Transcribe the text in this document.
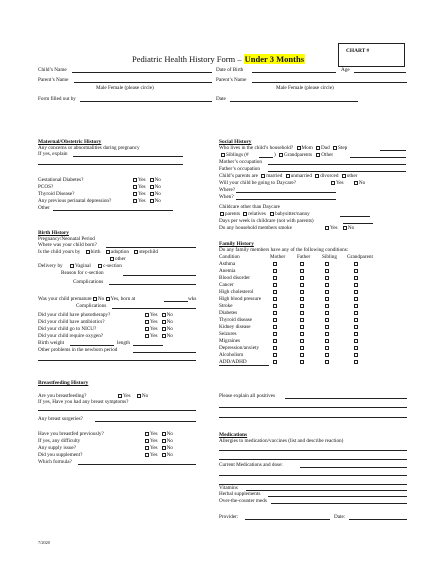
Pediatric Health History Form – Under 3 Months
CHART #
Child’s Name	Date of Birth	Age
Parent’s Name	Parent’s Name
Male Female (please circle)	Male Female (please circle)
Form filled out by	Date
Maternal/Obstetric History
Any concerns or abnormalities during pregnancy
If yes, explain
Gestational Diabetes?	Yes No
PCOS?	Yes No
Thyroid Disease?	Yes No
Any previous perinatal depression?	Yes No
Other
Birth History
Pregnancy/Neonatal Period
Where was your child born?
Is the child yours by birth adoption stepchild
other
Delivery by Vaginal c-section
Reason for c-section
Complications
Was your child premature No Yes, born at	wks
Complications
Did your child have phototherapy?	Yes No
Did your child have antibiotics?	Yes No
Did your child go to NICU?	Yes No
Did your child require oxygen?	Yes No
Birth weight	length
Other problems in the newborn period
Breastfeeding History
Are you breastfeeding?	Yes No
If yes, Have you had any breast symptoms?
Any breast surgeries?
Have you breastfed previously?	Yes No
If yes, any difficulty	Yes No
Any supply issue?	Yes No
Did you supplement?	Yes No
Which formula?
7/2020
Social History
Who lives in the child’s household? Mom Dad Step
Siblings (#	) Grandparents Other
Mother’s occupation
Father’s occupation
Child’s parents are married unmarried divorced other
Will your child be going to Daycare?	Yes	No
Where?
When?
Childcare other than Daycare
parents relatives babysitter/nanny
Days per week in childcare (not with parents)
Do any household members smoke	Yes No
Family History
Do any family members have any of the following conditions:
Condition	Mother Father Sibling Grandparent
Asthma
Anemia
Blood disorder
Cancer
High cholesterol
High blood pressure
Stroke
Diabetes
Thyroid disease
Kidney disease
Seizures
Migraines
Depression/anxiety
Alcoholism
ADD/ADHD
Please explain all positives
Medications
Allergies to medication/vaccines (list and describe reaction)
Current Medications and dose:
Vitamins
Herbal supplements
Over-the-counter meds
Provider:	Date:
